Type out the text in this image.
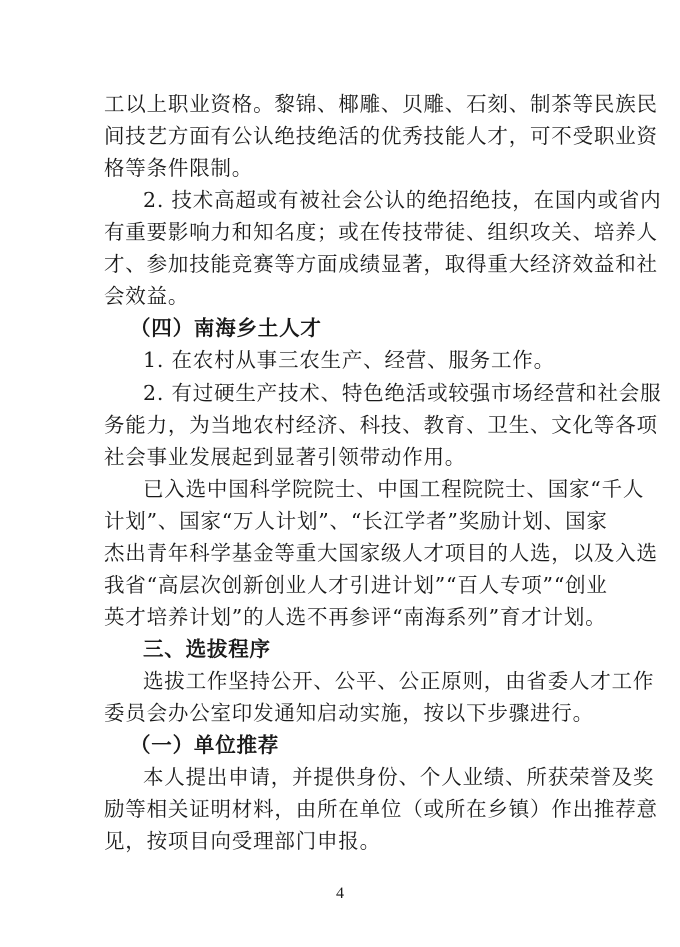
工以上职业资格。黎锦、椰雕、贝雕、石刻、制茶等民族民
间技艺方面有公认绝技绝活的优秀技能人才，可不受职业资
格等条件限制。
2. 技术高超或有被社会公认的绝招绝技，在国内或省内
有重要影响力和知名度；或在传技带徒、组织攻关、培养人
才、参加技能竞赛等方面成绩显著，取得重大经济效益和社
会效益。
（四）南海乡土人才
1. 在农村从事三农生产、经营、服务工作。
2. 有过硬生产技术、特色绝活或较强市场经营和社会服
务能力，为当地农村经济、科技、教育、卫生、文化等各项
社会事业发展起到显著引领带动作用。
已入选中国科学院院士、中国工程院院士、国家“千人
计划”、国家“万人计划”、“长江学者”奖励计划、国家
杰出青年科学基金等重大国家级人才项目的人选，以及入选
我省“高层次创新创业人才引进计划”“百人专项”“创业
英才培养计划”的人选不再参评“南海系列”育才计划。
三、选拔程序
选拔工作坚持公开、公平、公正原则，由省委人才工作
委员会办公室印发通知启动实施，按以下步骤进行。
（一）单位推荐
本人提出申请，并提供身份、个人业绩、所获荣誉及奖
励等相关证明材料，由所在单位（或所在乡镇）作出推荐意
见，按项目向受理部门申报。
4
